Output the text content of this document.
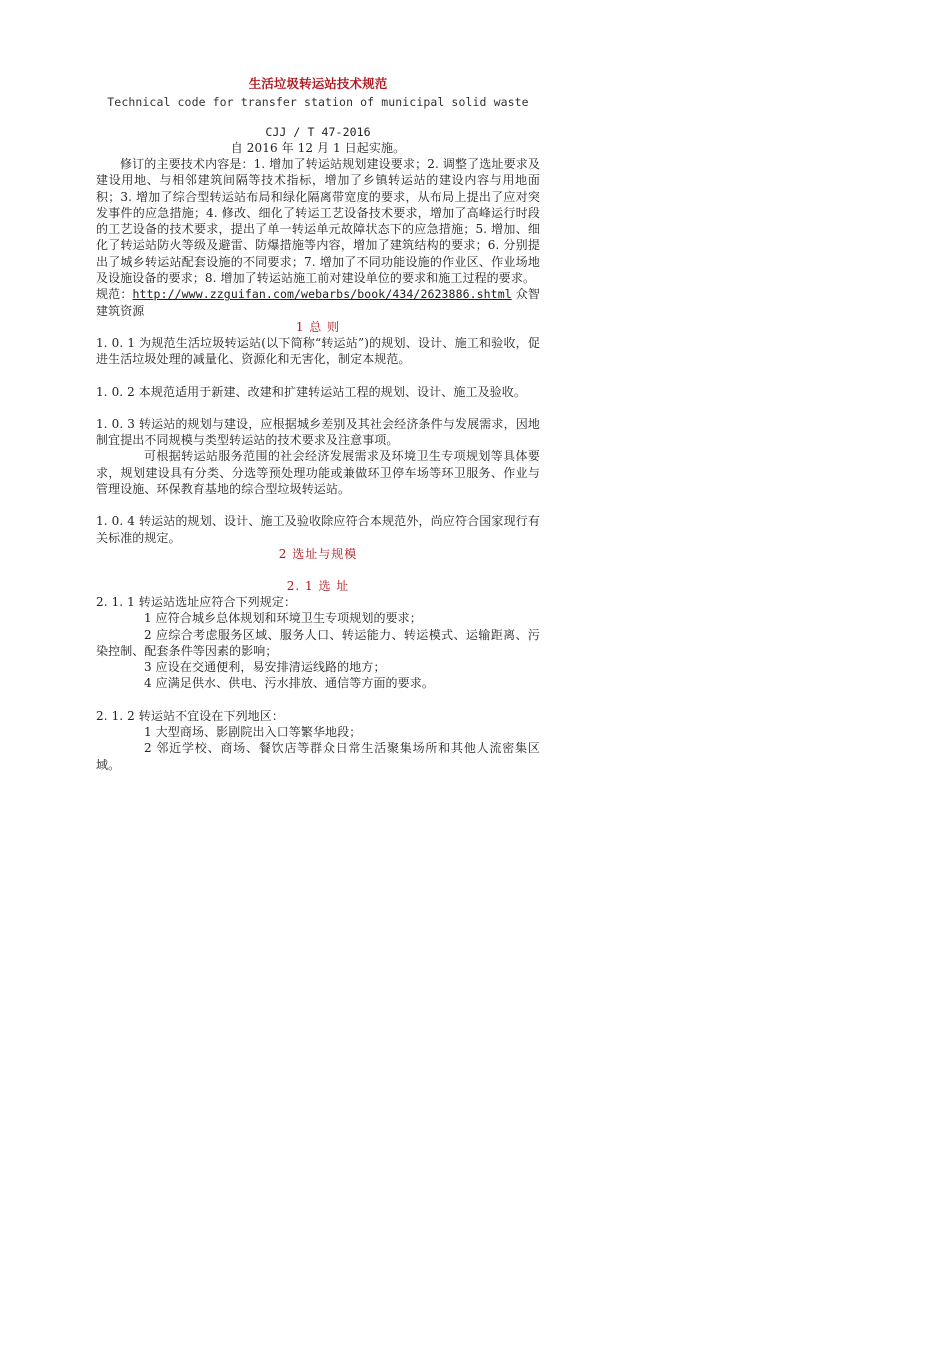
生活垃圾转运站技术规范

Technical code for transfer station of municipal solid waste

CJJ / T 47-2016

自 2016 年 12 月 1 日起实施。

修订的主要技术内容是：1. 增加了转运站规划建设要求；2. 调整了选址要求及建设用地、与相邻建筑间隔等技术指标，增加了乡镇转运站的建设内容与用地面积；3. 增加了综合型转运站布局和绿化隔离带宽度的要求，从布局上提出了应对突发事件的应急措施；4. 修改、细化了转运工艺设备技术要求，增加了高峰运行时段的工艺设备的技术要求，提出了单一转运单元故障状态下的应急措施；5. 增加、细化了转运站防火等级及避雷、防爆措施等内容，增加了建筑结构的要求；6. 分别提出了城乡转运站配套设施的不同要求；7. 增加了不同功能设施的作业区、作业场地及设施设备的要求；8. 增加了转运站施工前对建设单位的要求和施工过程的要求。

规范：http://www.zzguifan.com/webarbs/book/434/2623886.shtml 众智建筑资源

1 总 则

1. 0. 1 为规范生活垃圾转运站(以下简称“转运站”)的规划、设计、施工和验收，促进生活垃圾处理的减量化、资源化和无害化，制定本规范。

1. 0. 2 本规范适用于新建、改建和扩建转运站工程的规划、设计、施工及验收。

1. 0. 3 转运站的规划与建设，应根据城乡差别及其社会经济条件与发展需求，因地制宜提出不同规模与类型转运站的技术要求及注意事项。

可根据转运站服务范围的社会经济发展需求及环境卫生专项规划等具体要求，规划建设具有分类、分选等预处理功能或兼做环卫停车场等环卫服务、作业与管理设施、环保教育基地的综合型垃圾转运站。

1. 0. 4 转运站的规划、设计、施工及验收除应符合本规范外，尚应符合国家现行有关标准的规定。

2 选址与规模

2. 1 选 址

2. 1. 1 转运站选址应符合下列规定：

1 应符合城乡总体规划和环境卫生专项规划的要求；

2 应综合考虑服务区域、服务人口、转运能力、转运模式、运输距离、污染控制、配套条件等因素的影响；

3 应设在交通便利，易安排清运线路的地方；

4 应满足供水、供电、污水排放、通信等方面的要求。

2. 1. 2 转运站不宜设在下列地区：

1 大型商场、影剧院出入口等繁华地段；

2 邻近学校、商场、餐饮店等群众日常生活聚集场所和其他人流密集区域。
